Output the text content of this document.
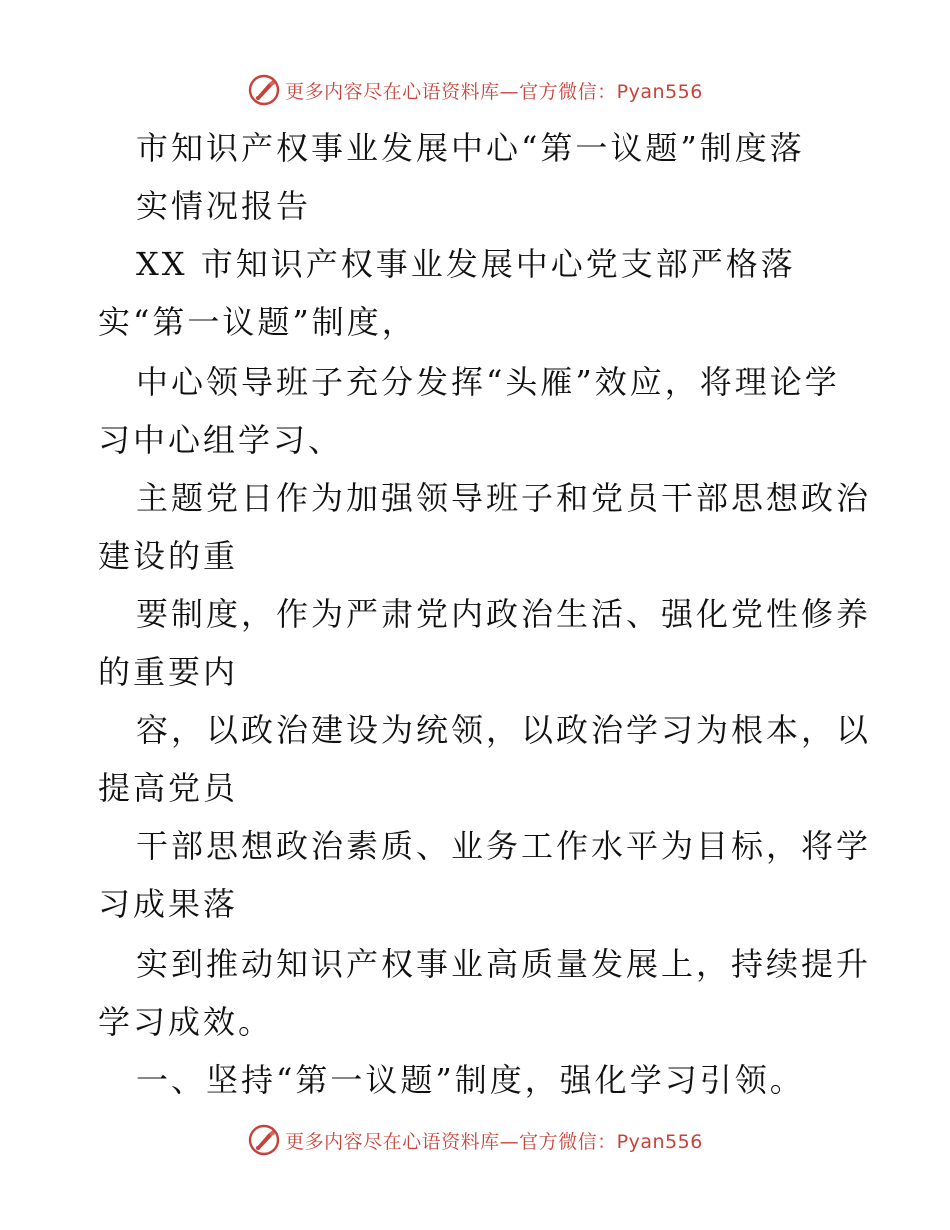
更多内容尽在心语资料库—官方微信：Pyan556
市知识产权事业发展中心“第一议题”制度落
实情况报告
XX 市知识产权事业发展中心党支部严格落
实“第一议题”制度，
中心领导班子充分发挥“头雁”效应，将理论学
习中心组学习、
主题党日作为加强领导班子和党员干部思想政治
建设的重
要制度，作为严肃党内政治生活、强化党性修养
的重要内
容，以政治建设为统领，以政治学习为根本，以
提高党员
干部思想政治素质、业务工作水平为目标，将学
习成果落
实到推动知识产权事业高质量发展上，持续提升
学习成效。
一、坚持“第一议题”制度，强化学习引领。
更多内容尽在心语资料库—官方微信：Pyan556
